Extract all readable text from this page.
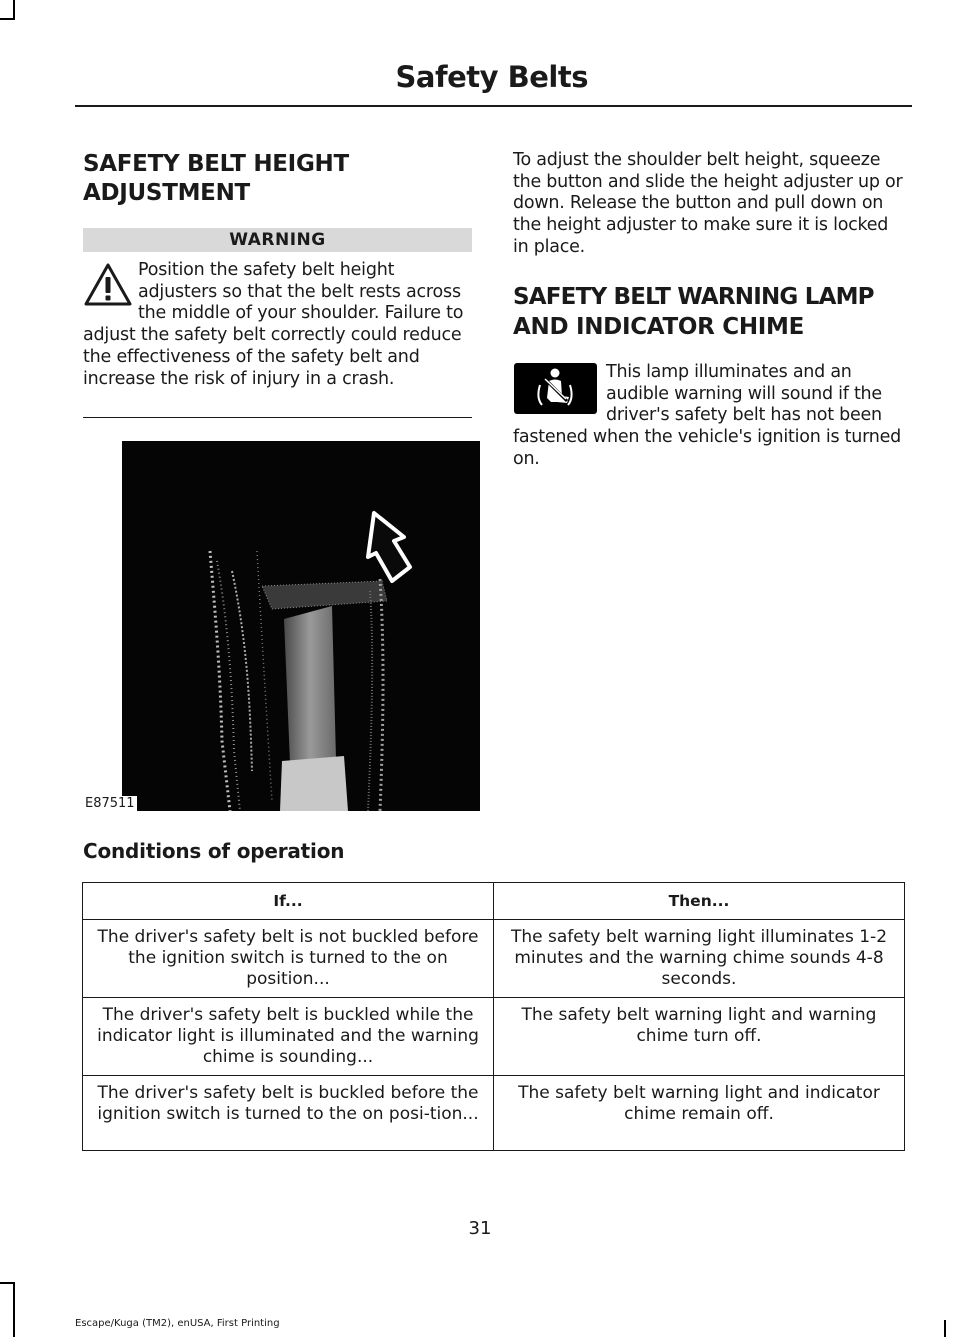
Safety Belts
SAFETY BELT HEIGHT
ADJUSTMENT
WARNING
Position the safety belt height adjusters so that the belt rests across the middle of your shoulder. Failure to adjust the safety belt correctly could reduce the effectiveness of the safety belt and increase the risk of injury in a crash.
E87511
To adjust the shoulder belt height, squeeze the button and slide the height adjuster up or down. Release the button and pull down on the height adjuster to make sure it is locked in place.
SAFETY BELT WARNING LAMP
AND INDICATOR CHIME
This lamp illuminates and an audible warning will sound if the driver's safety belt has not been fastened when the vehicle's ignition is turned on.
Conditions of operation
If...	Then...
The driver's safety belt is not buckled before the ignition switch is turned to the on position...	The safety belt warning light illuminates 1-2 minutes and the warning chime sounds 4-8 seconds.
The driver's safety belt is buckled while the indicator light is illuminated and the warning chime is sounding...	The safety belt warning light and warning chime turn off.
The driver's safety belt is buckled before the ignition switch is turned to the on posi-tion...	The safety belt warning light and indicator chime remain off.
31
Escape/Kuga (TM2), enUSA, First Printing
